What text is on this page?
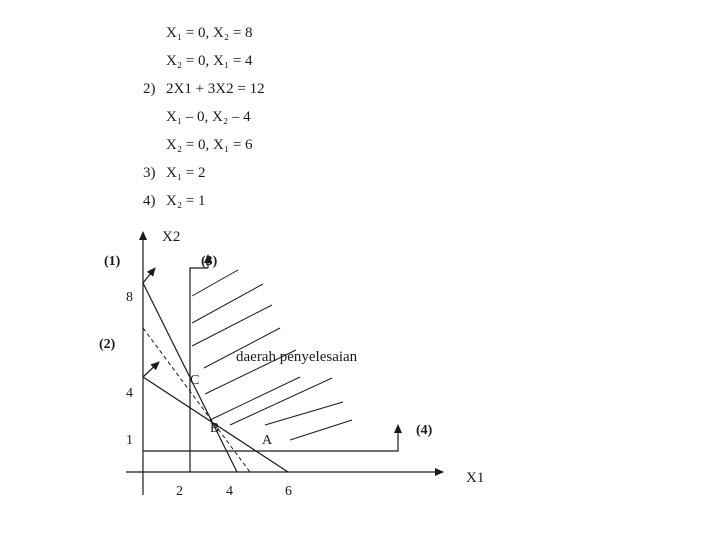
X₁ = 0, X₂ = 8
X₂ = 0, X₁ = 4
2) 2X1 + 3X2 = 12
X₁ – 0, X₂ – 4
X₂ = 0, X₁ = 6
3) X₁ = 2
4) X₂ = 1
X2
X1
8
4
1
2	4	6
(1)
(2)
(3)
(4)
daerah penyelesaian
C
B
A
